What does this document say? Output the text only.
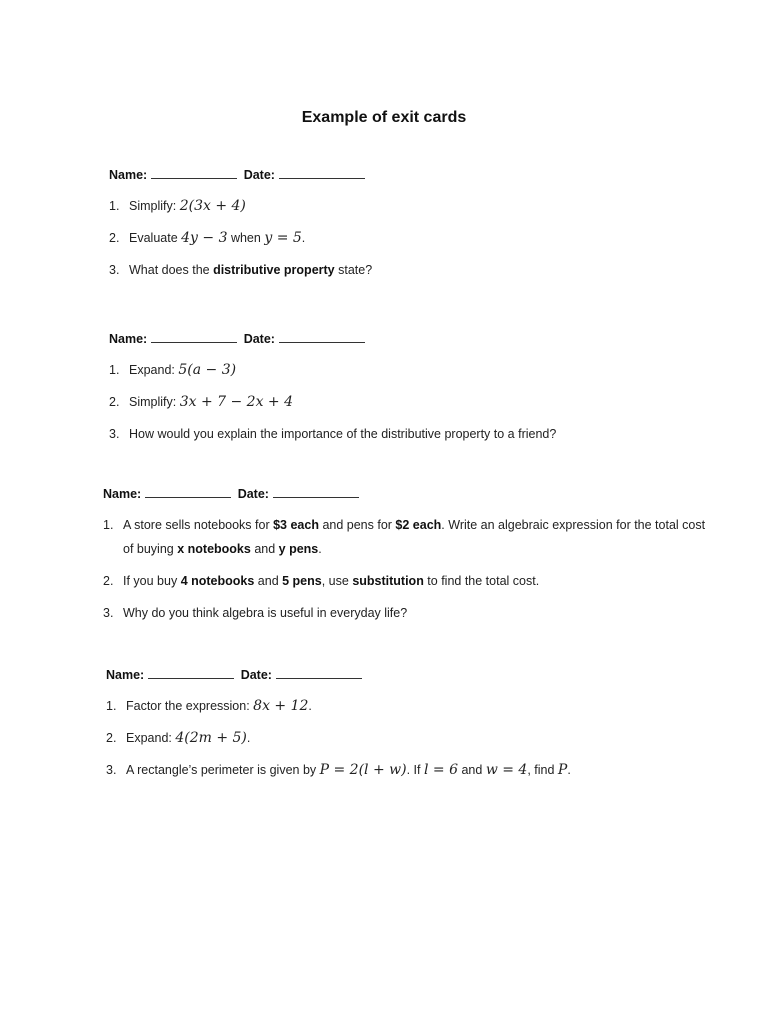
Example of exit cards
Name:	Date:
1. Simplify: 2(3x + 4)
2. Evaluate 4y − 3 when y = 5.
3. What does the distributive property state?
Name:	Date:
1. Expand: 5(a − 3)
2. Simplify: 3x + 7 − 2x + 4
3. How would you explain the importance of the distributive property to a friend?
Name:	Date:
1. A store sells notebooks for $3 each and pens for $2 each. Write an algebraic expression for the total cost of buying x notebooks and y pens.
2. If you buy 4 notebooks and 5 pens, use substitution to find the total cost.
3. Why do you think algebra is useful in everyday life?
Name:	Date:
1. Factor the expression: 8x + 12.
2. Expand: 4(2m + 5).
3. A rectangle’s perimeter is given by P = 2(l + w). If l = 6 and w = 4, find P.
